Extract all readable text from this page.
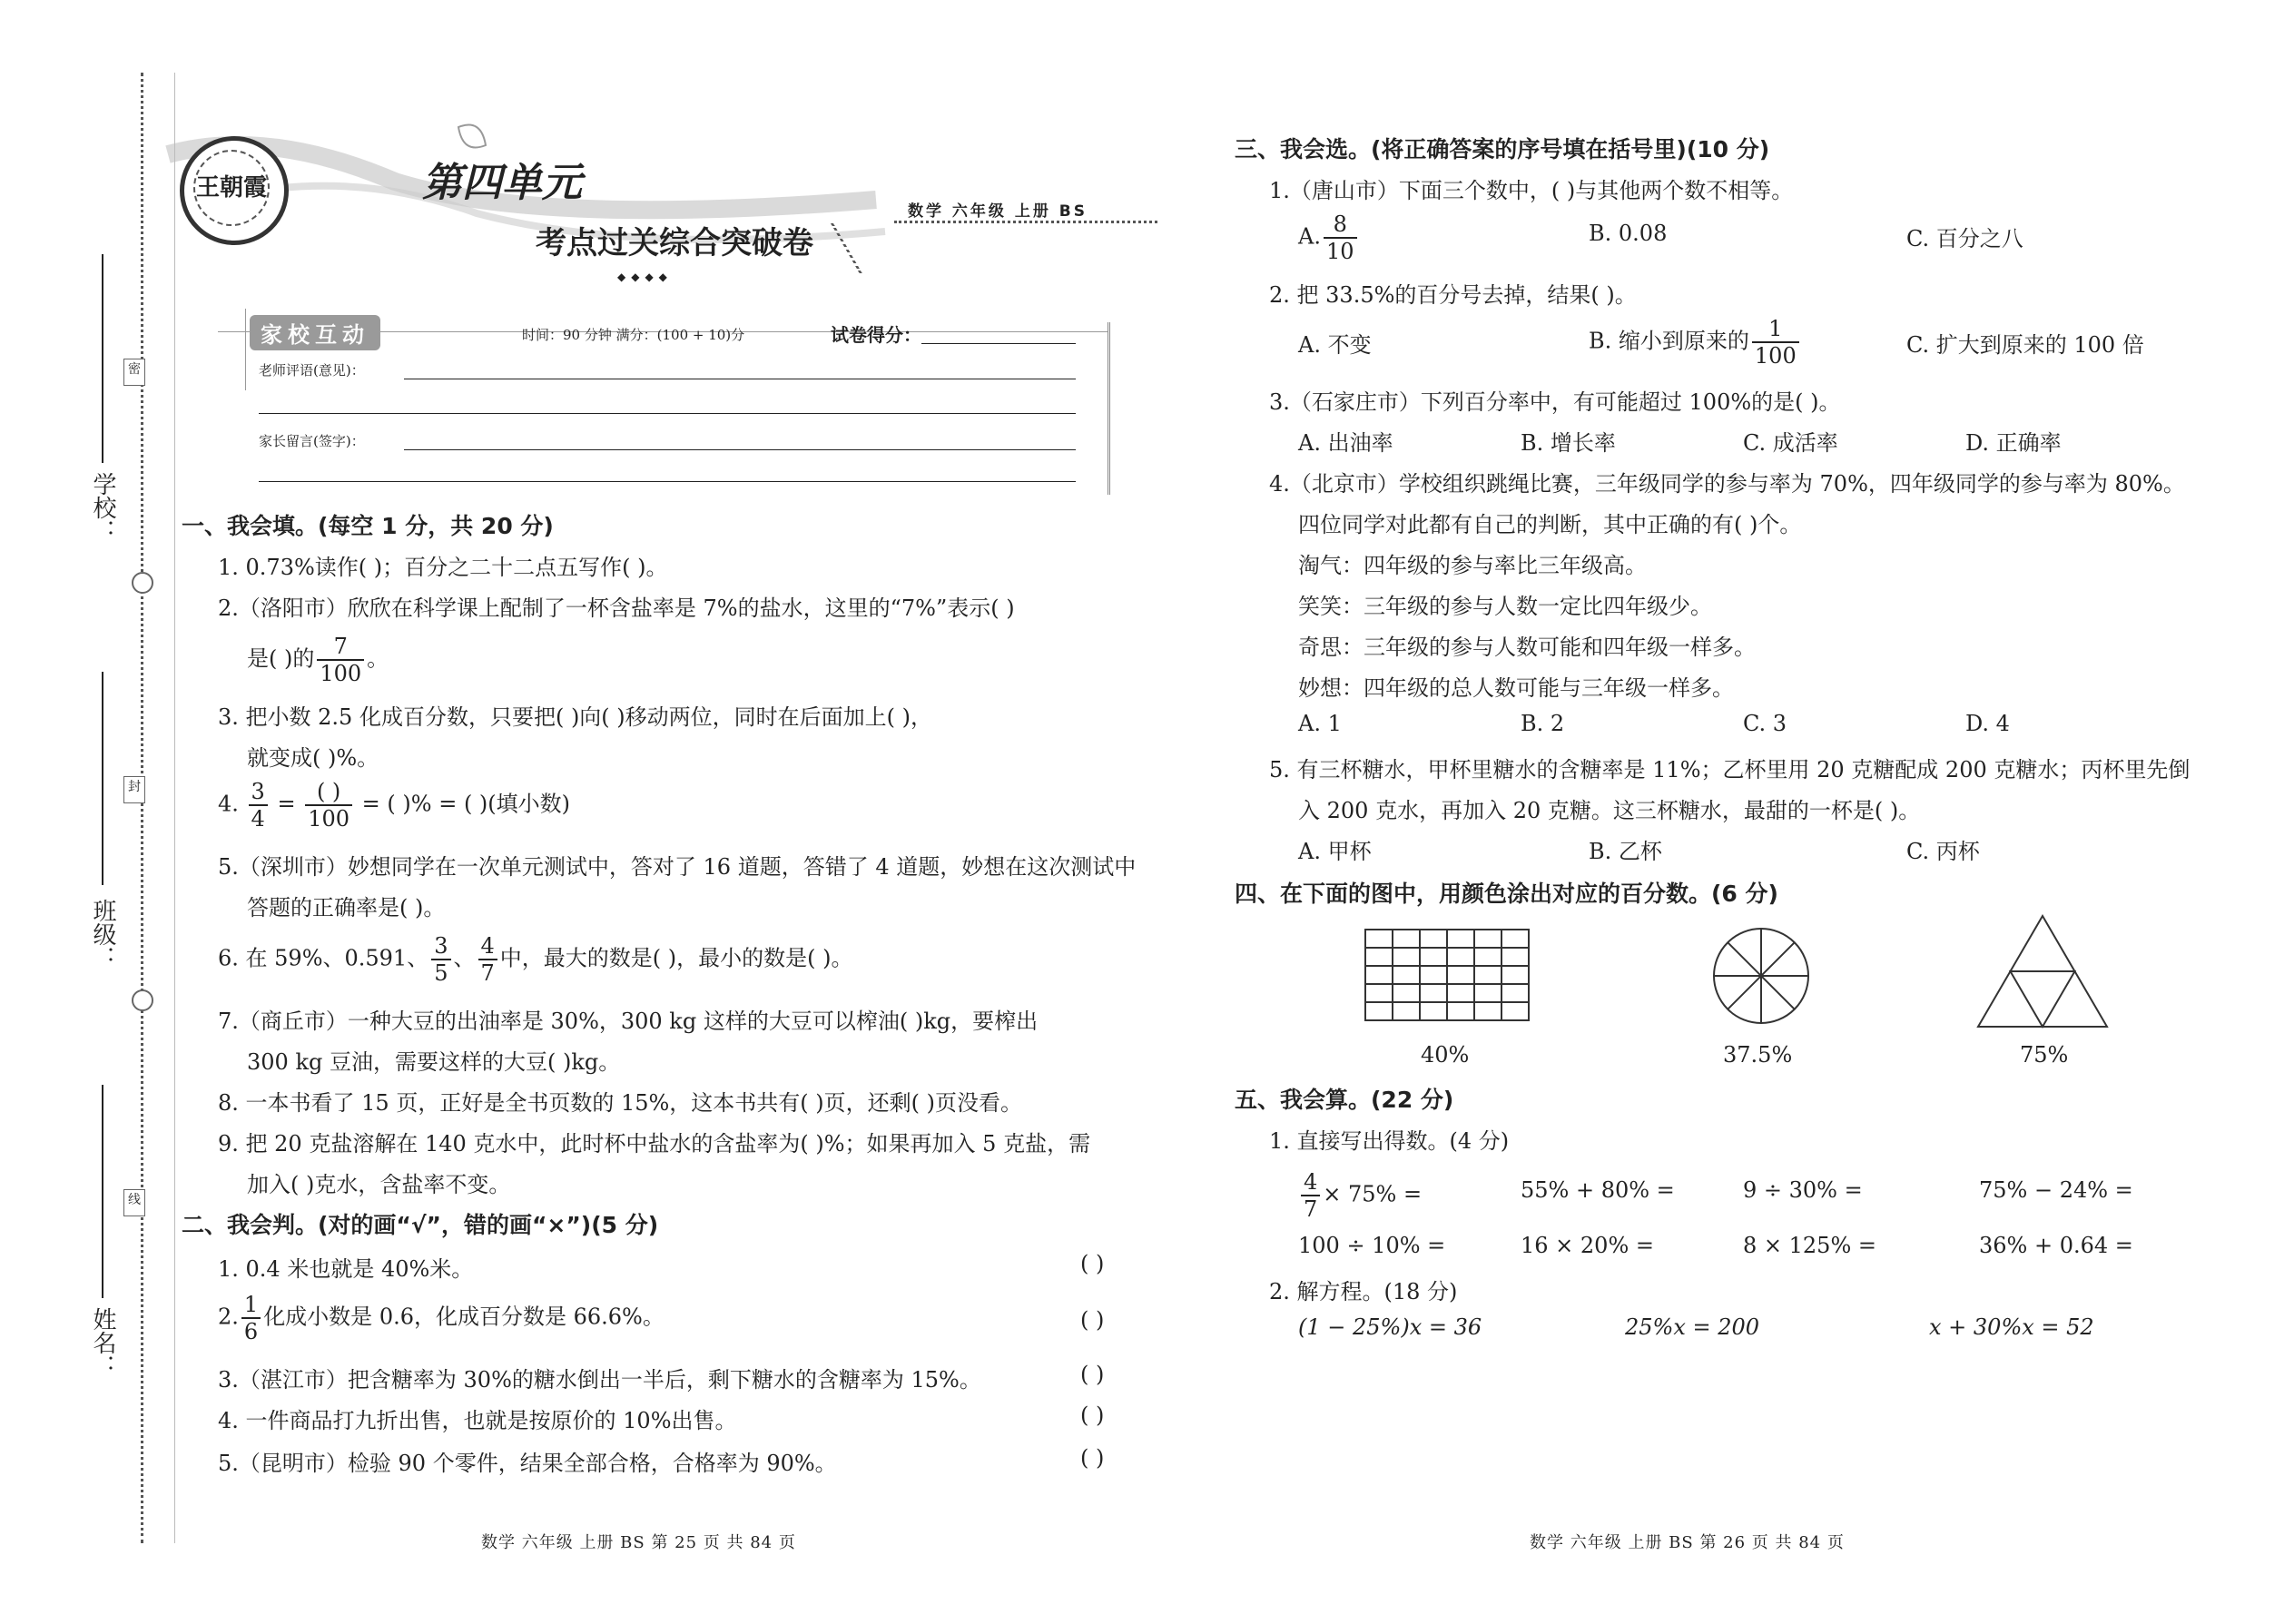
学校：
密
班级：
封
姓名：
线
王朝霞	第四单元
考点过关综合突破卷
数学 六年级 上册 BS
◆◆◆◆
家校互动	时间：90 分钟 满分：(100 + 10)分	试卷得分：
老师评语(意见)：
家长留言(签字)：
一、我会填。(每空 1 分，共 20 分)
1. 0.73%读作( )；百分之二十二点五写作( )。
2.（洛阳市）欣欣在科学课上配制了一杯含盐率是 7%的盐水，这里的“7%”表示( )
是( )的 $\frac{7}{100}$ 。
3. 把小数 2.5 化成百分数，只要把( )向( )移动两位，同时在后面加上( )，
就变成( )%。
4. $\frac{3}{4} = \frac{( )}{100}$ = ( )% = ( )(填小数)
5.（深圳市）妙想同学在一次单元测试中，答对了 16 道题，答错了 4 道题，妙想在这次测试中
答题的正确率是( )。
6. 在 59%、0.591、 $\frac{3}{5}$ 、 $\frac{4}{7}$ 中，最大的数是( )，最小的数是( )。
7.（商丘市）一种大豆的出油率是 30%，300 kg 这样的大豆可以榨油( )kg，要榨出
300 kg 豆油，需要这样的大豆( )kg。
8. 一本书看了 15 页，正好是全书页数的 15%，这本书共有( )页，还剩( )页没看。
9. 把 20 克盐溶解在 140 克水中，此时杯中盐水的含盐率为( )%；如果再加入 5 克盐，需
加入( )克水，含盐率不变。
二、我会判。(对的画“√”，错的画“×”)(5 分)
1. 0.4 米也就是 40%米。	( )
2. $\frac{1}{6}$ 化成小数是 0.6，化成百分数是 66.6%。	( )
3.（湛江市）把含糖率为 30%的糖水倒出一半后，剩下糖水的含糖率为 15%。	( )
4. 一件商品打九折出售，也就是按原价的 10%出售。	( )
5.（昆明市）检验 90 个零件，结果全部合格，合格率为 90%。	( )
数学 六年级 上册 BS 第 25 页 共 84 页
三、我会选。(将正确答案的序号填在括号里)(10 分)
1.（唐山市）下面三个数中，( )与其他两个数不相等。
A. $\frac{8}{10}$	B. 0.08	C. 百分之八
2. 把 33.5%的百分号去掉，结果( )。
A. 不变	B. 缩小到原来的 $\frac{1}{100}$	C. 扩大到原来的 100 倍
3.（石家庄市）下列百分率中，有可能超过 100%的是( )。
A. 出油率	B. 增长率	C. 成活率	D. 正确率
4.（北京市）学校组织跳绳比赛，三年级同学的参与率为 70%，四年级同学的参与率为 80%。
四位同学对此都有自己的判断，其中正确的有( )个。
淘气：四年级的参与率比三年级高。
笑笑：三年级的参与人数一定比四年级少。
奇思：三年级的参与人数可能和四年级一样多。
妙想：四年级的总人数可能与三年级一样多。
A. 1	B. 2	C. 3	D. 4
5. 有三杯糖水，甲杯里糖水的含糖率是 11%；乙杯里用 20 克糖配成 200 克糖水；丙杯里先倒
入 200 克水，再加入 20 克糖。这三杯糖水，最甜的一杯是( )。
A. 甲杯	B. 乙杯	C. 丙杯
四、在下面的图中，用颜色涂出对应的百分数。(6 分)
40%	37.5%	75%
五、我会算。(22 分)
1. 直接写出得数。(4 分)
$\frac{4}{7} \times 75\%$ =	55% + 80% =	9 ÷ 30% =	75% − 24% =
100 ÷ 10% =	16 × 20% =	8 × 125% =	36% + 0.64 =
2. 解方程。(18 分)
(1 − 25%)x = 36	25%x = 200	x + 30%x = 52
数学 六年级 上册 BS 第 26 页 共 84 页
